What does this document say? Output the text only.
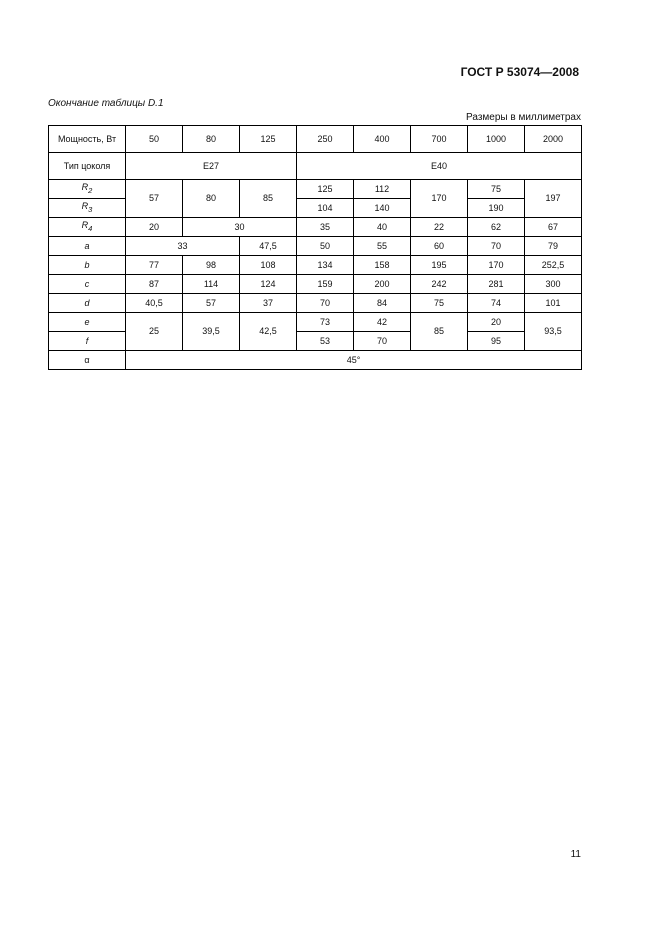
ГОСТ Р 53074—2008
Окончание таблицы D.1
Размеры в миллиметрах
Мощность, Вт	50	80	125	250	400	700	1000	2000
Тип цоколя	E27			E40				
$R_2$	57	80	85	125	112	170	75	197
$R_3$				104	140		190	
$R_4$	20	30		35	40	22	62	67
a	33		47,5	50	55	60	70	79
b	77	98	108	134	158	195	170	252,5
c	87	114	124	159	200	242	281	300
d	40,5	57	37	70	84	75	74	101
e	25	39,5	42,5	73	42	85	20	93,5
f				53	70		95	
α	45°							
11
